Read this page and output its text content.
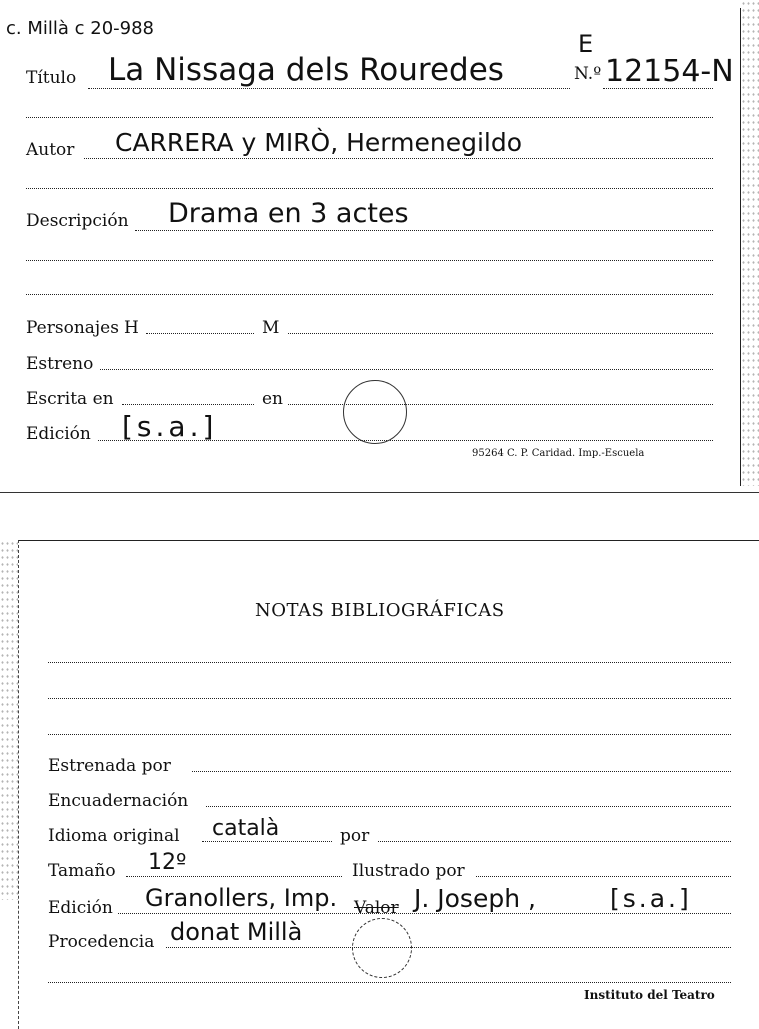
c. Millà c 20-988
Título La Nissaga dels Rouredes	N.º 12154-N
E
Autor CARRERA y MIRÒ, Hermenegildo
Descripción Drama en 3 actes
Personajes H	M
Estreno
Escrita en	en
Edición [s.a.]
95264 C. P. Caridad. Imp.-Escuela
NOTAS BIBLIOGRÁFICAS
Estrenada por
Encuadernación
Idioma original català	por
Tamaño 12º	Ilustrado por
Edición Granollers, Imp. Valor J. Joseph ,	[s.a.]
Procedencia donat Millà
Instituto del Teatro
